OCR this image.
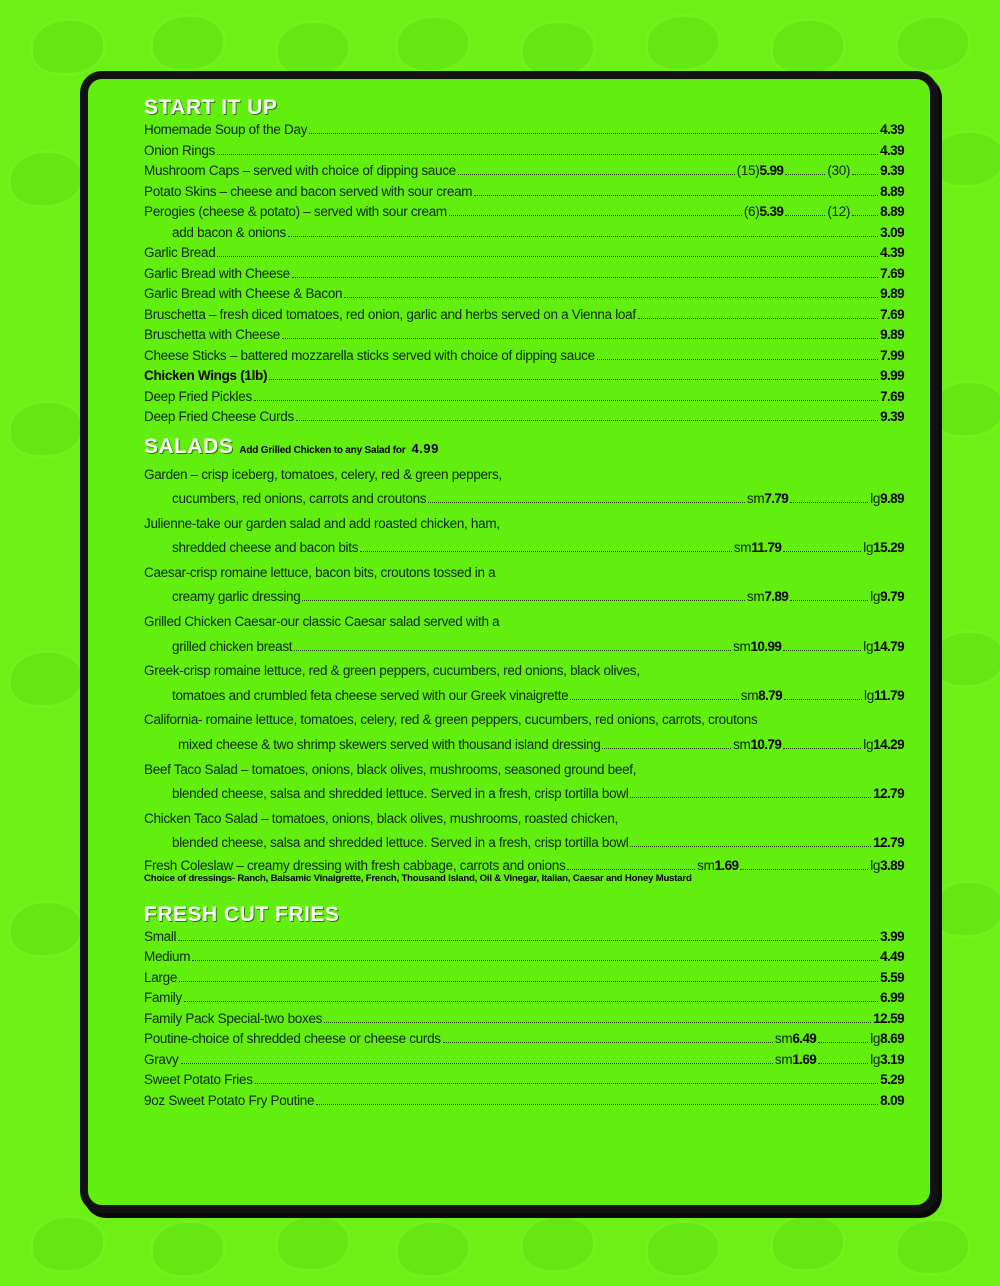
START IT UP
Homemade Soup of the Day	4.39
Onion Rings	4.39
Mushroom Caps – served with choice of dipping sauce	(15) 5.99	(30) 9.39
Potato Skins – cheese and bacon served with sour cream	8.89
Perogies (cheese & potato) – served with sour cream	(6) 5.39	(12) 8.89
add bacon & onions	3.09
Garlic Bread	4.39
Garlic Bread with Cheese	7.69
Garlic Bread with Cheese & Bacon	9.89
Bruschetta – fresh diced tomatoes, red onion, garlic and herbs served on a Vienna loaf	7.69
Bruschetta with Cheese	9.89
Cheese Sticks – battered mozzarella sticks served with choice of dipping sauce	7.99
Chicken Wings (1lb)	9.99
Deep Fried Pickles	7.69
Deep Fried Cheese Curds	9.39
SALADS Add Grilled Chicken to any Salad for 4.99
Garden – crisp iceberg, tomatoes, celery, red & green peppers,
cucumbers, red onions, carrots and croutons	sm 7.79	lg 9.89
Julienne-take our garden salad and add roasted chicken, ham,
shredded cheese and bacon bits	sm 11.79	lg 15.29
Caesar-crisp romaine lettuce, bacon bits, croutons tossed in a
creamy garlic dressing	sm 7.89	lg 9.79
Grilled Chicken Caesar-our classic Caesar salad served with a
grilled chicken breast	sm 10.99	lg 14.79
Greek-crisp romaine lettuce, red & green peppers, cucumbers, red onions, black olives,
tomatoes and crumbled feta cheese served with our Greek vinaigrette	sm 8.79	lg 11.79
California- romaine lettuce, tomatoes, celery, red & green peppers, cucumbers, red onions, carrots, croutons
mixed cheese & two shrimp skewers served with thousand island dressing	sm 10.79	lg 14.29
Beef Taco Salad – tomatoes, onions, black olives, mushrooms, seasoned ground beef,
blended cheese, salsa and shredded lettuce. Served in a fresh, crisp tortilla bowl	12.79
Chicken Taco Salad – tomatoes, onions, black olives, mushrooms, roasted chicken,
blended cheese, salsa and shredded lettuce. Served in a fresh, crisp tortilla bowl	12.79
Fresh Coleslaw – creamy dressing with fresh cabbage, carrots and onions	sm 1.69	lg 3.89
Choice of dressings- Ranch, Balsamic Vinaigrette, French, Thousand Island, Oil & Vinegar, Italian, Caesar and Honey Mustard
FRESH CUT FRIES
Small	3.99
Medium	4.49
Large	5.59
Family	6.99
Family Pack Special-two boxes	12.59
Poutine-choice of shredded cheese or cheese curds	sm 6.49	lg 8.69
Gravy	sm 1.69	lg 3.19
Sweet Potato Fries	5.29
9oz Sweet Potato Fry Poutine	8.09
